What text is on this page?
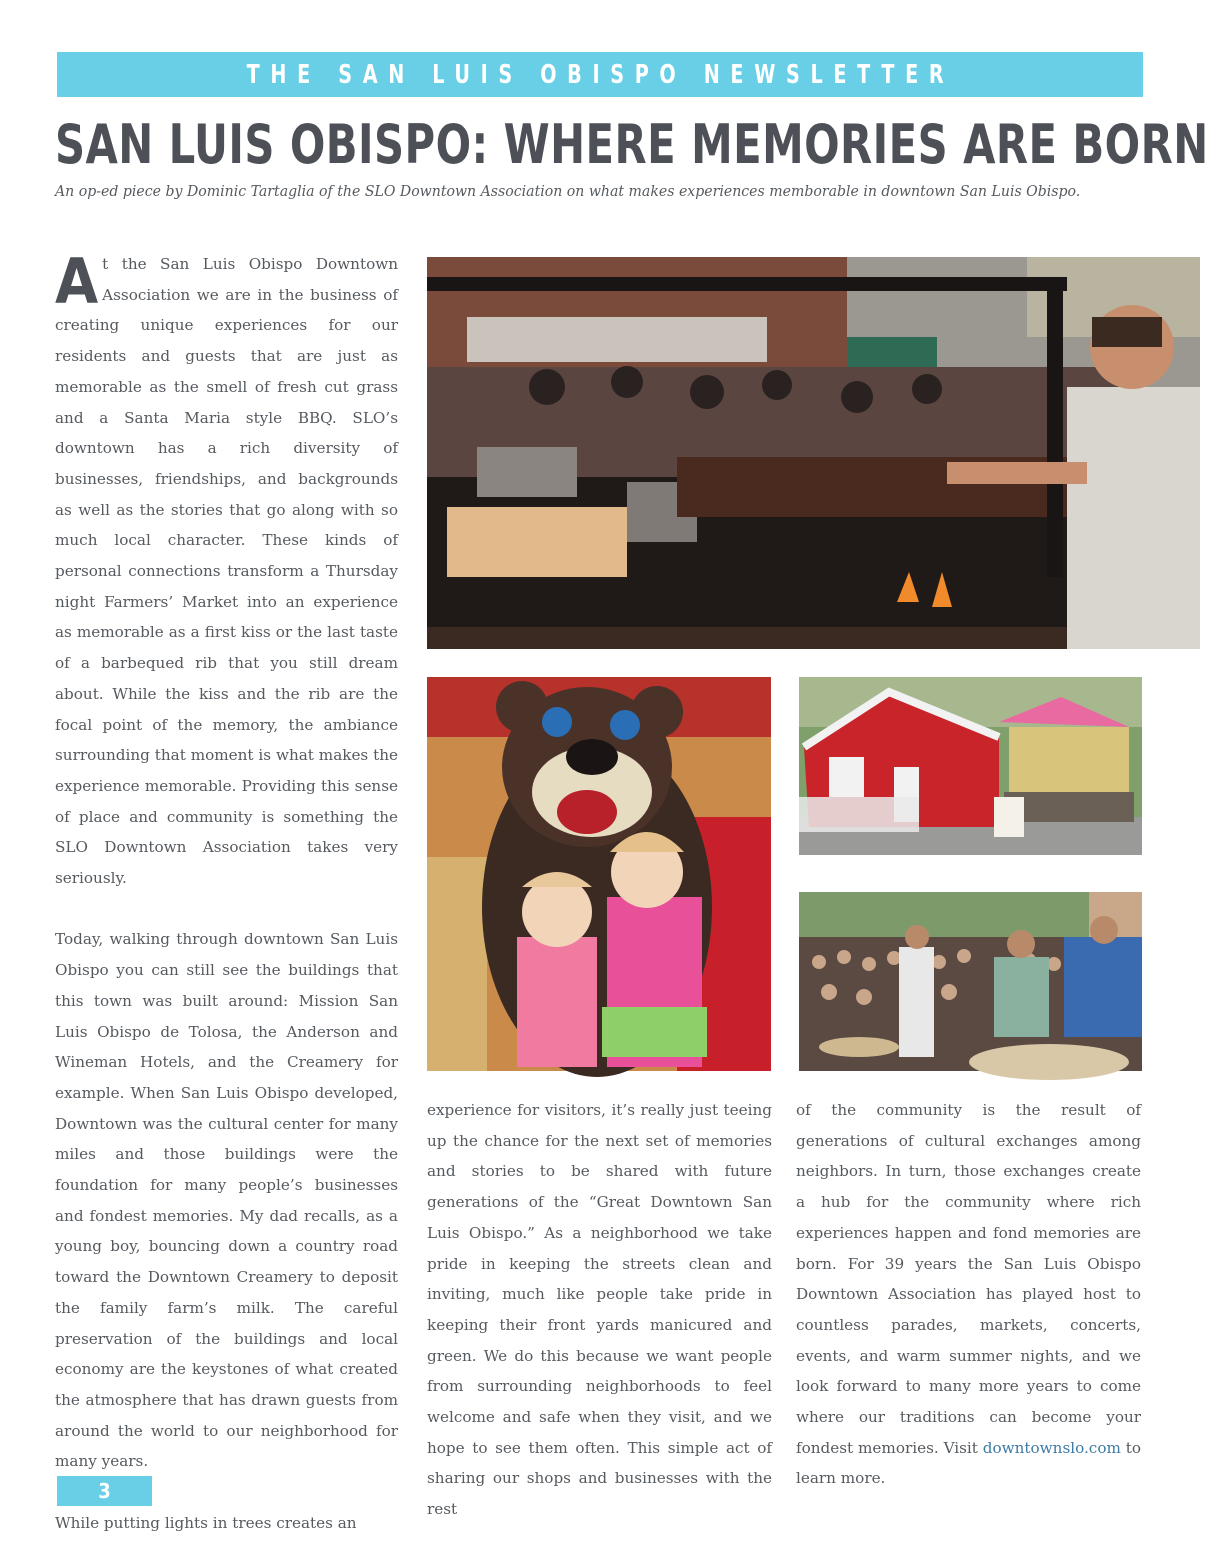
THE SAN LUIS OBISPO NEWSLETTER
SAN LUIS OBISPO: WHERE MEMORIES ARE BORN
An op-ed piece by Dominic Tartaglia of the SLO Downtown Association on what makes experiences memborable in downtown San Luis Obispo.

At the San Luis Obispo Downtown Association we are in the business of creating unique experiences for our residents and guests that are just as memorable as the smell of fresh cut grass and a Santa Maria style BBQ. SLO’s downtown has a rich diversity of businesses, friendships, and backgrounds as well as the stories that go along with so much local character. These kinds of personal connections transform a Thursday night Farmers’ Market into an experience as memorable as a first kiss or the last taste of a barbequed rib that you still dream about. While the kiss and the rib are the focal point of the memory, the ambiance surrounding that moment is what makes the experience memorable. Providing this sense of place and community is something the SLO Downtown Association takes very seriously.

Today, walking through downtown San Luis Obispo you can still see the buildings that this town was built around: Mission San Luis Obispo de Tolosa, the Anderson and Wineman Hotels, and the Creamery for example. When San Luis Obispo developed, Downtown was the cultural center for many miles and those buildings were the foundation for many people’s businesses and fondest memories. My dad recalls, as a young boy, bouncing down a country road toward the Downtown Creamery to deposit the family farm’s milk. The careful preservation of the buildings and local economy are the keystones of what created the atmosphere that has drawn guests from around the world to our neighborhood for many years.

While putting lights in trees creates an

experience for visitors, it’s really just teeing up the chance for the next set of memories and stories to be shared with future generations of the “Great Downtown San Luis Obispo.” As a neighborhood we take pride in keeping the streets clean and inviting, much like people take pride in keeping their front yards manicured and green. We do this because we want people from surrounding neighborhoods to feel welcome and safe when they visit, and we hope to see them often. This simple act of sharing our shops and businesses with the rest

of the community is the result of generations of cultural exchanges among neighbors. In turn, those exchanges create a hub for the community where rich experiences happen and fond memories are born. For 39 years the San Luis Obispo Downtown Association has played host to countless parades, markets, concerts, events, and warm summer nights, and we look forward to many more years to come where our traditions can become your fondest memories. Visit downtownslo.com to learn more.

3
